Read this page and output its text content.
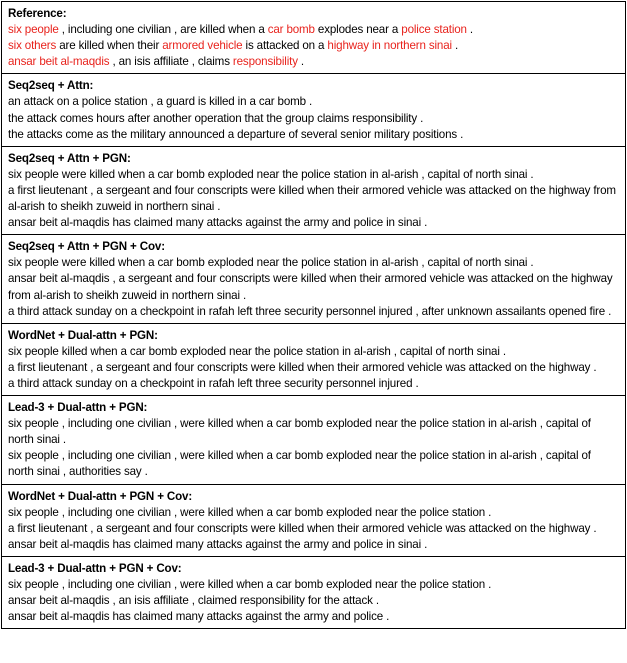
Reference:

six people , including one civilian , are killed when a car bomb explodes near a police station .

six others are killed when their armored vehicle is attacked on a highway in northern sinai .

ansar beit al-maqdis , an isis affiliate , claims responsibility .

Seq2seq + Attn:

an attack on a police station , a guard is killed in a car bomb .

the attack comes hours after another operation that the group claims responsibility .

the attacks come as the military announced a departure of several senior military positions .

Seq2seq + Attn + PGN:

six people were killed when a car bomb exploded near the police station in al-arish , capital of north sinai .

a first lieutenant , a sergeant and four conscripts were killed when their armored vehicle was attacked on the highway from al-arish to sheikh zuweid in northern sinai .

ansar beit al-maqdis has claimed many attacks against the army and police in sinai .

Seq2seq + Attn + PGN + Cov:

six people were killed when a car bomb exploded near the police station in al-arish , capital of north sinai .

ansar beit al-maqdis , a sergeant and four conscripts were killed when their armored vehicle was attacked on the highway from al-arish to sheikh zuweid in northern sinai .

a third attack sunday on a checkpoint in rafah left three security personnel injured , after unknown assailants opened fire .

WordNet + Dual-attn + PGN:

six people killed when a car bomb exploded near the police station in al-arish , capital of north sinai .

a first lieutenant , a sergeant and four conscripts were killed when their armored vehicle was attacked on the highway .

a third attack sunday on a checkpoint in rafah left three security personnel injured .

Lead-3 + Dual-attn + PGN:

six people , including one civilian , were killed when a car bomb exploded near the police station in al-arish , capital of north sinai .

six people , including one civilian , were killed when a car bomb exploded near the police station in al-arish , capital of north sinai , authorities say .

WordNet + Dual-attn + PGN + Cov:

six people , including one civilian , were killed when a car bomb exploded near the police station .

a first lieutenant , a sergeant and four conscripts were killed when their armored vehicle was attacked on the highway .

ansar beit al-maqdis has claimed many attacks against the army and police in sinai .

Lead-3 + Dual-attn + PGN + Cov:

six people , including one civilian , were killed when a car bomb exploded near the police station .

ansar beit al-maqdis , an isis affiliate , claimed responsibility for the attack .

ansar beit al-maqdis has claimed many attacks against the army and police .
